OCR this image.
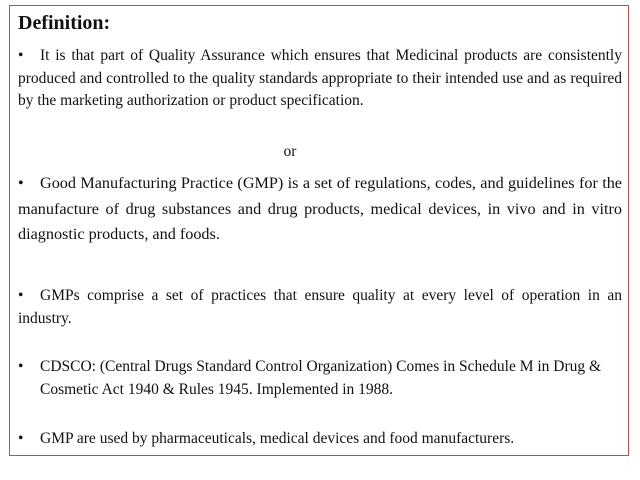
Definition:

• It is that part of Quality Assurance which ensures that Medicinal products are consistently produced and controlled to the quality standards appropriate to their intended use and as required by the marketing authorization or product specification.

or

• Good Manufacturing Practice (GMP) is a set of regulations, codes, and guidelines for the manufacture of drug substances and drug products, medical devices, in vivo and in vitro diagnostic products, and foods.

• GMPs comprise a set of practices that ensure quality at every level of operation in an industry.

• CDSCO: (Central Drugs Standard Control Organization) Comes in Schedule M in Drug & Cosmetic Act 1940 & Rules 1945. Implemented in 1988.

• GMP are used by pharmaceuticals, medical devices and food manufacturers.
